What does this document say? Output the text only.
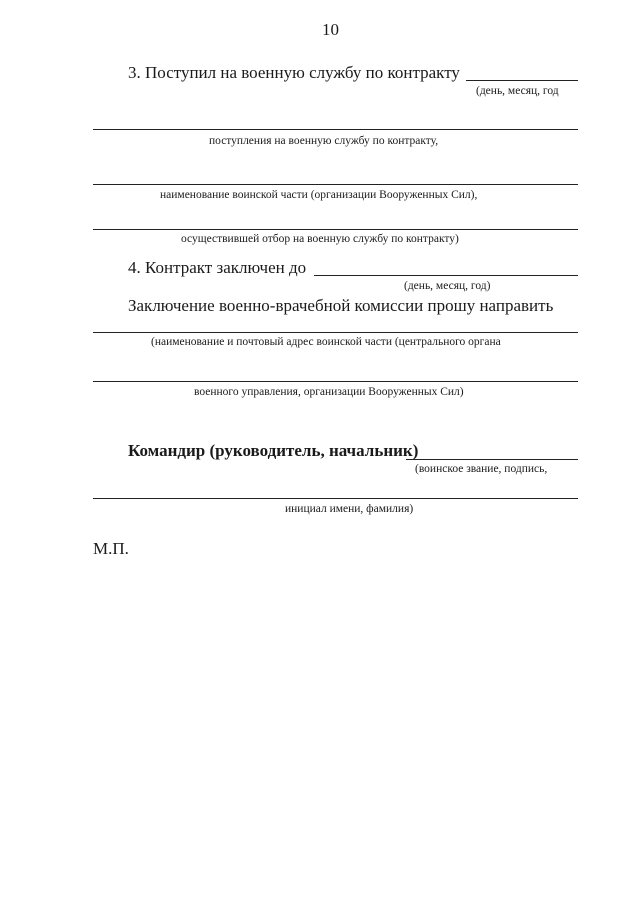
10
3. Поступил на военную службу по контракту
(день, месяц, год
поступления на военную службу по контракту,
наименование воинской части (организации Вооруженных Сил),
осуществившей отбор на военную службу по контракту)
4. Контракт заключен до
(день, месяц, год)
Заключение военно-врачебной комиссии прошу направить
(наименование и почтовый адрес воинской части (центрального органа
военного управления, организации Вооруженных Сил)
Командир (руководитель, начальник)
(воинское звание, подпись,
инициал имени, фамилия)
М.П.
